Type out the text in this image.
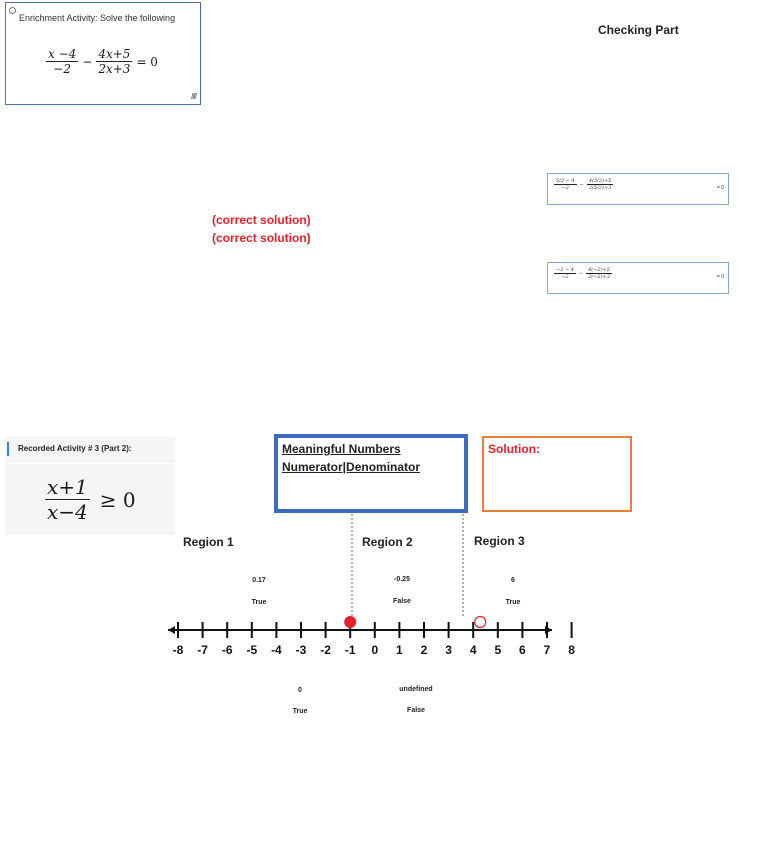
Enrichment Activity: Solve the following
$\frac{x -4}{-2} - \frac{4x+5}{2x+3} = 0$
////
Checking Part
$\frac{5/2 - 4}{-2} - \frac{4(5/2)+5}{2(5/2)+3}$	= 0
$\frac{-2 - 4}{-2} - \frac{4(-2)+5}{2(-2)+3}$	= 0
(correct solution)
(correct solution)
Recorded Activity # 3 (Part 2):
$\frac{x+1}{x-4} \ge 0$
Meaningful Numbers
Numerator|Denominator
Solution:
Region 1	Region 2	Region 3
0.17
True
-0.25
False
6
True
-8 -7 -6 -5 -4 -3 -2 -1 0 1 2 3 4 5 6 7 8
0
True
undefined
False
